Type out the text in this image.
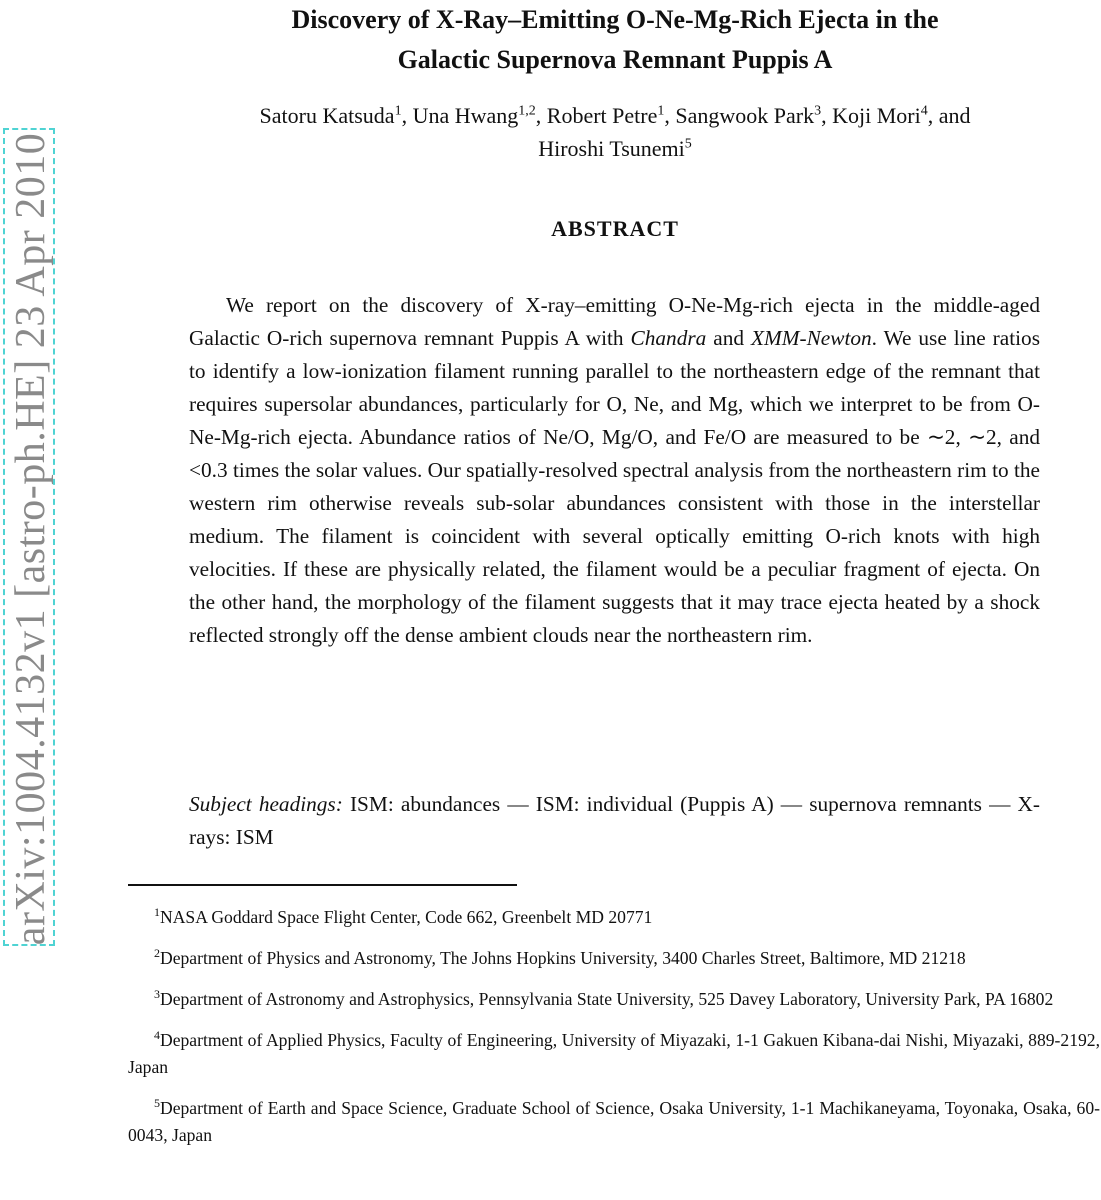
arXiv:1004.4132v1 [astro-ph.HE] 23 Apr 2010
Discovery of X-Ray–Emitting O-Ne-Mg-Rich Ejecta in the
Galactic Supernova Remnant Puppis A
Satoru Katsuda$^1$, Una Hwang$^{1,2}$, Robert Petre$^1$, Sangwook Park$^3$, Koji Mori$^4$, and
Hiroshi Tsunemi$^5$
ABSTRACT

We report on the discovery of X-ray–emitting O-Ne-Mg-rich ejecta in the middle-aged Galactic O-rich supernova remnant Puppis A with Chandra and XMM-Newton. We use line ratios to identify a low-ionization filament running parallel to the northeastern edge of the remnant that requires supersolar abundances, particularly for O, Ne, and Mg, which we interpret to be from O-Ne-Mg-rich ejecta. Abundance ratios of Ne/O, Mg/O, and Fe/O are measured to be ∼2, ∼2, and <0.3 times the solar values. Our spatially-resolved spectral analysis from the northeastern rim to the western rim otherwise reveals sub-solar abundances consistent with those in the interstellar medium. The filament is coincident with several optically emitting O-rich knots with high velocities. If these are physically related, the filament would be a peculiar fragment of ejecta. On the other hand, the morphology of the filament suggests that it may trace ejecta heated by a shock reflected strongly off the dense ambient clouds near the northeastern rim.

Subject headings: ISM: abundances — ISM: individual (Puppis A) — supernova remnants — X-rays: ISM

$^1$NASA Goddard Space Flight Center, Code 662, Greenbelt MD 20771

$^2$Department of Physics and Astronomy, The Johns Hopkins University, 3400 Charles Street, Baltimore, MD 21218

$^3$Department of Astronomy and Astrophysics, Pennsylvania State University, 525 Davey Laboratory, University Park, PA 16802

$^4$Department of Applied Physics, Faculty of Engineering, University of Miyazaki, 1-1 Gakuen Kibana-dai Nishi, Miyazaki, 889-2192, Japan

$^5$Department of Earth and Space Science, Graduate School of Science, Osaka University, 1-1 Machikaneyama, Toyonaka, Osaka, 60-0043, Japan
